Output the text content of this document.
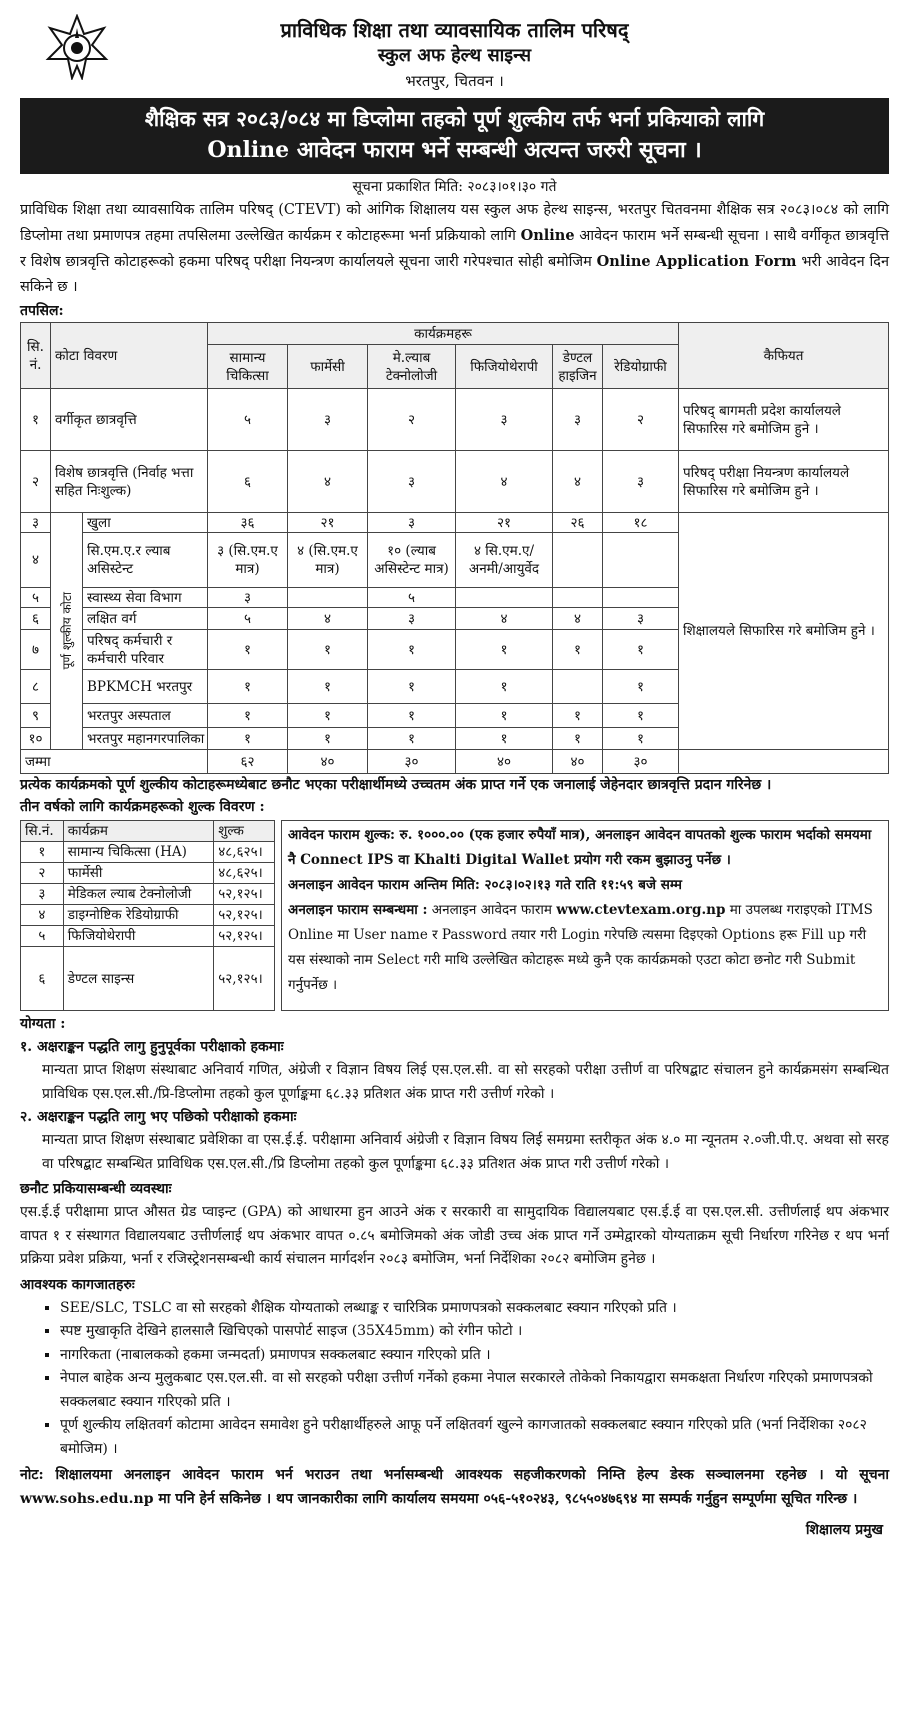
प्राविधिक शिक्षा तथा व्यावसायिक तालिम परिषद्
स्कुल अफ हेल्थ साइन्स
भरतपुर, चितवन ।
शैक्षिक सत्र २०८३/०८४ मा डिप्लोमा तहको पूर्ण शुल्कीय तर्फ भर्ना प्रकियाको लागि
Online आवेदन फाराम भर्ने सम्बन्धी अत्यन्त जरुरी सूचना ।
सूचना प्रकाशित मिति: २०८३।०१।३० गते
प्राविधिक शिक्षा तथा व्यावसायिक तालिम परिषद् (CTEVT) को आंगिक शिक्षालय यस स्कुल अफ हेल्थ साइन्स, भरतपुर चितवनमा शैक्षिक सत्र २०८३।०८४ को लागि डिप्लोमा तथा प्रमाणपत्र तहमा तपसिलमा उल्लेखित कार्यक्रम र कोटाहरूमा भर्ना प्रक्रियाको लागि Online आवेदन फाराम भर्ने सम्बन्धी सूचना । साथै वर्गीकृत छात्रवृत्ति र विशेष छात्रवृत्ति कोटाहरूको हकमा परिषद् परीक्षा नियन्त्रण कार्यालयले सूचना जारी गरेपश्चात सोही बमोजिम Online Application Form भरी आवेदन दिन सकिने छ ।
तपसिल:
सि. नं.	कोटा विवरण		कार्यक्रमहरू						कैफियत
			सामान्य चिकित्सा	फार्मेसी	मे.ल्याब टेक्नोलोजी	फिजियोथेरापी	डेण्टल हाइजिन	रेडियोग्राफी	
१	वर्गीकृत छात्रवृत्ति		५	३	२	३	३	२	परिषद् बागमती प्रदेश कार्यालयले सिफारिस गरे बमोजिम हुने ।
२	विशेष छात्रवृत्ति (निर्वाह भत्ता सहित निःशुल्क)		६	४	३	४	४	३	परिषद् परीक्षा नियन्त्रण कार्यालयले सिफारिस गरे बमोजिम हुने ।
३	पूर्ण शुल्कीय कोटा	खुला	३६	२१	३	२१	२६	१८	शिक्षालयले सिफारिस गरे बमोजिम हुने ।
४		सि.एम.ए.र ल्याब असिस्टेन्ट	३ (सि.एम.ए मात्र)	४ (सि.एम.ए मात्र)	१० (ल्याब असिस्टेन्ट मात्र)	४ सि.एम.ए/ अनमी/आयुर्वेद			
५		स्वास्थ्य सेवा विभाग	३		५				
६		लक्षित वर्ग	५	४	३	४	४	३	
७		परिषद् कर्मचारी र कर्मचारी परिवार	१	१	१	१	१	१	
८		BPKMCH भरतपुर	१	१	१	१		१	
९		भरतपुर अस्पताल	१	१	१	१	१	१	
१०		भरतपुर महानगरपालिका	१	१	१	१	१	१	
जम्मा			६२	४०	३०	४०	४०	३०	
प्रत्येक कार्यक्रमको पूर्ण शुल्कीय कोटाहरूमध्येबाट छनौट भएका परीक्षार्थीमध्ये उच्चतम अंक प्राप्त गर्ने एक जनालाई जेहेनदार छात्रवृत्ति प्रदान गरिनेछ ।
तीन वर्षको लागि कार्यक्रमहरूको शुल्क विवरण :
सि.नं.	कार्यक्रम	शुल्क
१	सामान्य चिकित्सा (HA)	४८,६२५।
२	फार्मेसी	४८,६२५।
३	मेडिकल ल्याब टेक्नोलोजी	५२,१२५।
४	डाइग्नोष्टिक रेडियोग्राफी	५२,१२५।
५	फिजियोथेरापी	५२,१२५।
६	डेण्टल साइन्स	५२,१२५।
आवेदन फाराम शुल्क: रु. १०००.०० (एक हजार रुपैयाँ मात्र), अनलाइन आवेदन वापतको शुल्क फाराम भर्दाको समयमा नै Connect IPS वा Khalti Digital Wallet प्रयोग गरी रकम बुझाउनु पर्नेछ ।
अनलाइन आवेदन फाराम अन्तिम मिति: २०८३।०२।१३ गते राति ११:५९ बजे सम्म
अनलाइन फाराम सम्बन्धमा : अनलाइन आवेदन फाराम www.ctevtexam.org.np मा उपलब्ध गराइएको ITMS Online मा User name र Password तयार गरी Login गरेपछि त्यसमा दिइएको Options हरू Fill up गरी यस संस्थाको नाम Select गरी माथि उल्लेखित कोटाहरू मध्ये कुनै एक कार्यक्रमको एउटा कोटा छनोट गरी Submit गर्नुपर्नेछ ।
योग्यता :
१. अक्षराङ्कन पद्धति लागु हुनुपूर्वका परीक्षाको हकमाः
मान्यता प्राप्त शिक्षण संस्थाबाट अनिवार्य गणित, अंग्रेजी र विज्ञान विषय लिई एस.एल.सी. वा सो सरहको परीक्षा उत्तीर्ण वा परिषद्बाट संचालन हुने कार्यक्रमसंग सम्बन्धित प्राविधिक एस.एल.सी./प्रि-डिप्लोमा तहको कुल पूर्णाङ्कमा ६८.३३ प्रतिशत अंक प्राप्त गरी उत्तीर्ण गरेको ।
२. अक्षराङ्कन पद्धति लागु भए पछिको परीक्षाको हकमाः
मान्यता प्राप्त शिक्षण संस्थाबाट प्रवेशिका वा एस.ई.ई. परीक्षामा अनिवार्य अंग्रेजी र विज्ञान विषय लिई समग्रमा स्तरीकृत अंक ४.० मा न्यूनतम २.०जी.पी.ए. अथवा सो सरह वा परिषद्बाट सम्बन्धित प्राविधिक एस.एल.सी./प्रि डिप्लोमा तहको कुल पूर्णाङ्कमा ६८.३३ प्रतिशत अंक प्राप्त गरी उत्तीर्ण गरेको ।
छनौट प्रकियासम्बन्धी व्यवस्थाः
एस.ई.ई परीक्षामा प्राप्त औसत ग्रेड प्वाइन्ट (GPA) को आधारमा हुन आउने अंक र सरकारी वा सामुदायिक विद्यालयबाट एस.ई.ई वा एस.एल.सी. उत्तीर्णलाई थप अंकभार वापत १ र संस्थागत विद्यालयबाट उत्तीर्णलाई थप अंकभार वापत ०.८५ बमोजिमको अंक जोडी उच्च अंक प्राप्त गर्ने उम्मेद्वारको योग्यताक्रम सूची निर्धारण गरिनेछ र थप भर्ना प्रक्रिया प्रवेश प्रक्रिया, भर्ना र रजिस्ट्रेशनसम्बन्धी कार्य संचालन मार्गदर्शन २०८३ बमोजिम, भर्ना निर्देशिका २०८२ बमोजिम हुनेछ ।
आवश्यक कागजातहरुः
▪ SEE/SLC, TSLC वा सो सरहको शैक्षिक योग्यताको लब्धाङ्क र चारित्रिक प्रमाणपत्रको सक्कलबाट स्क्यान गरिएको प्रति ।
▪ स्पष्ट मुखाकृति देखिने हालसालै खिचिएको पासपोर्ट साइज (35X45mm) को रंगीन फोटो ।
▪ नागरिकता (नाबालकको हकमा जन्मदर्ता) प्रमाणपत्र सक्कलबाट स्क्यान गरिएको प्रति ।
▪ नेपाल बाहेक अन्य मुलुकबाट एस.एल.सी. वा सो सरहको परीक्षा उत्तीर्ण गर्नेको हकमा नेपाल सरकारले तोकेको निकायद्वारा समकक्षता निर्धारण गरिएको प्रमाणपत्रको सक्कलबाट स्क्यान गरिएको प्रति ।
▪ पूर्ण शुल्कीय लक्षितवर्ग कोटामा आवेदन समावेश हुने परीक्षार्थीहरुले आफू पर्ने लक्षितवर्ग खुल्ने कागजातको सक्कलबाट स्क्यान गरिएको प्रति (भर्ना निर्देशिका २०८२ बमोजिम) ।
नोट: शिक्षालयमा अनलाइन आवेदन फाराम भर्न भराउन तथा भर्नासम्बन्धी आवश्यक सहजीकरणको निम्ति हेल्प डेस्क सञ्चालनमा रहनेछ । यो सूचना www.sohs.edu.np मा पनि हेर्न सकिनेछ । थप जानकारीका लागि कार्यालय समयमा ०५६-५१०२४३, ९८५५०४७६९४ मा सम्पर्क गर्नुहुन सम्पूर्णमा सूचित गरिन्छ ।
शिक्षालय प्रमुख
